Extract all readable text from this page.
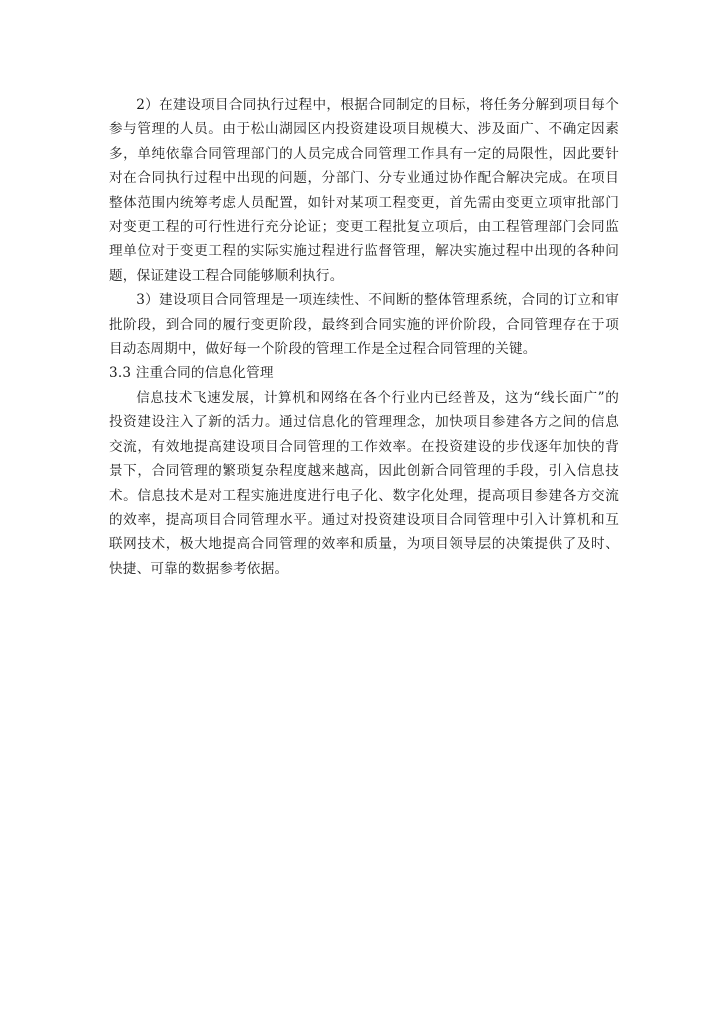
2）在建设项目合同执行过程中，根据合同制定的目标，将任务分解到项目每个参与管理的人员。由于松山湖园区内投资建设项目规模大、涉及面广、不确定因素多，单纯依靠合同管理部门的人员完成合同管理工作具有一定的局限性，因此要针对在合同执行过程中出现的问题，分部门、分专业通过协作配合解决完成。在项目整体范围内统筹考虑人员配置，如针对某项工程变更，首先需由变更立项审批部门对变更工程的可行性进行充分论证；变更工程批复立项后，由工程管理部门会同监理单位对于变更工程的实际实施过程进行监督管理，解决实施过程中出现的各种问题，保证建设工程合同能够顺利执行。

3）建设项目合同管理是一项连续性、不间断的整体管理系统，合同的订立和审批阶段，到合同的履行变更阶段，最终到合同实施的评价阶段，合同管理存在于项目动态周期中，做好每一个阶段的管理工作是全过程合同管理的关键。

3.3 注重合同的信息化管理

信息技术飞速发展，计算机和网络在各个行业内已经普及，这为“线长面广”的投资建设注入了新的活力。通过信息化的管理理念，加快项目参建各方之间的信息交流，有效地提高建设项目合同管理的工作效率。在投资建设的步伐逐年加快的背景下，合同管理的繁琐复杂程度越来越高，因此创新合同管理的手段，引入信息技术。信息技术是对工程实施进度进行电子化、数字化处理，提高项目参建各方交流的效率，提高项目合同管理水平。通过对投资建设项目合同管理中引入计算机和互联网技术，极大地提高合同管理的效率和质量，为项目领导层的决策提供了及时、快捷、可靠的数据参考依据。
